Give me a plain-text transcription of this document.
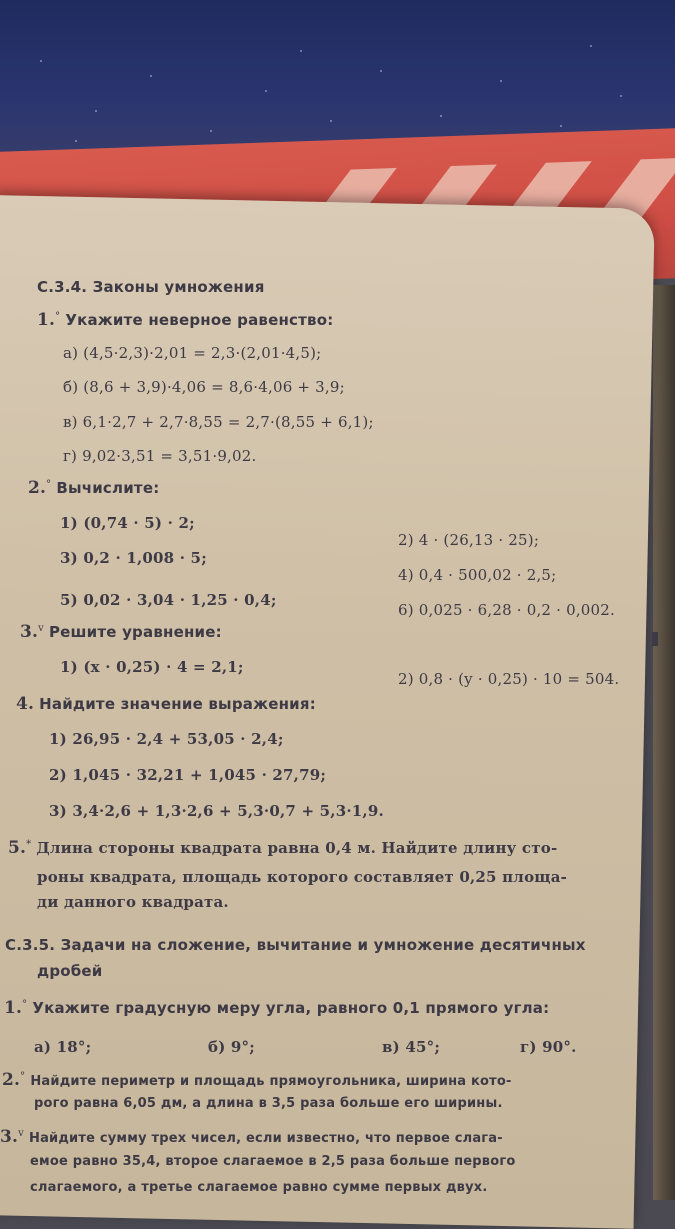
С.3.4. Законы умножения
1.° Укажите неверное равенство:
а) (4,5·2,3)·2,01 = 2,3·(2,01·4,5);
б) (8,6 + 3,9)·4,06 = 8,6·4,06 + 3,9;
в) 6,1·2,7 + 2,7·8,55 = 2,7·(8,55 + 6,1);
г) 9,02·3,51 = 3,51·9,02.
2.° Вычислите:
1) (0,74 · 5) · 2;
2) 4 · (26,13 · 25);
3) 0,2 · 1,008 · 5;
4) 0,4 · 500,02 · 2,5;
5) 0,02 · 3,04 · 1,25 · 0,4;
6) 0,025 · 6,28 · 0,2 · 0,002.
3.$^v$ Решите уравнение:
1) (x · 0,25) · 4 = 2,1;
2) 0,8 · (y · 0,25) · 10 = 504.
4. Найдите значение выражения:
1) 26,95 · 2,4 + 53,05 · 2,4;
2) 1,045 · 32,21 + 1,045 · 27,79;
3) 3,4·2,6 + 1,3·2,6 + 5,3·0,7 + 5,3·1,9.
5.* Длина стороны квадрата равна 0,4 м. Найдите длину сто-
роны квадрата, площадь которого составляет 0,25 площа-
ди данного квадрата.
С.3.5. Задачи на сложение, вычитание и умножение десятичных
дробей
1.° Укажите градусную меру угла, равного 0,1 прямого угла:
а) 18°;	б) 9°;	в) 45°;	г) 90°.
2.° Найдите периметр и площадь прямоугольника, ширина кото-
рого равна 6,05 дм, а длина в 3,5 раза больше его ширины.
3.$^v$ Найдите сумму трех чисел, если известно, что первое слага-
емое равно 35,4, второе слагаемое в 2,5 раза больше первого
слагаемого, а третье слагаемое равно сумме первых двух.
